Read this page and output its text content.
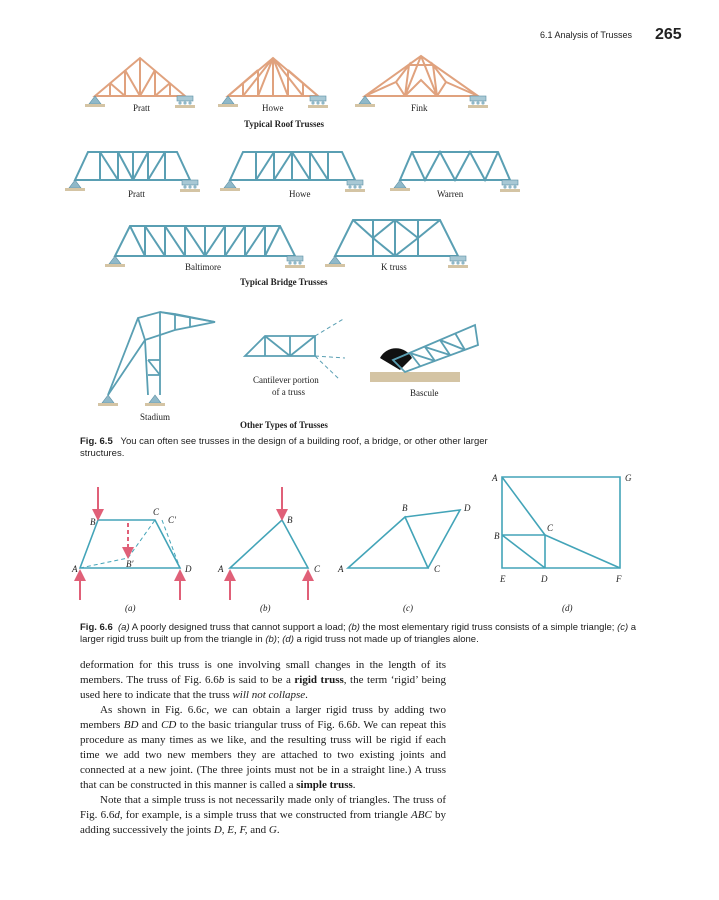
6.1 Analysis of Trusses 265
Pratt	Howe	Fink
Typical Roof Trusses
Pratt	Howe	Warren
Baltimore	K truss
Typical Bridge Trusses
Stadium
Cantilever portion
of a truss	Bascule
Other Types of Trusses
Fig. 6.5 You can often see trusses in the design of a building roof, a bridge, or other other larger structures.
A
B
C
C′
B′	D
(a)
A
B
C
(b)
A
B	D
C
(c)
A	G
B
C
E	D	F
(d)
Fig. 6.6 (a) A poorly designed truss that cannot support a load; (b) the most elementary rigid truss consists of a simple triangle; (c) a larger rigid truss built up from the triangle in (b); (d) a rigid truss not made up of triangles alone.

deformation for this truss is one involving small changes in the length of its members. The truss of Fig. 6.6b is said to be a rigid truss, the term ‘rigid’ being used here to indicate that the truss will not collapse.

As shown in Fig. 6.6c, we can obtain a larger rigid truss by adding two members BD and CD to the basic triangular truss of Fig. 6.6b. We can repeat this procedure as many times as we like, and the resulting truss will be rigid if each time we add two new members they are attached to two existing joints and connected at a new joint. (The three joints must not be in a straight line.) A truss that can be constructed in this manner is called a simple truss.

Note that a simple truss is not necessarily made only of triangles. The truss of Fig. 6.6d, for example, is a simple truss that we constructed from triangle ABC by adding successively the joints D, E, F, and G.
